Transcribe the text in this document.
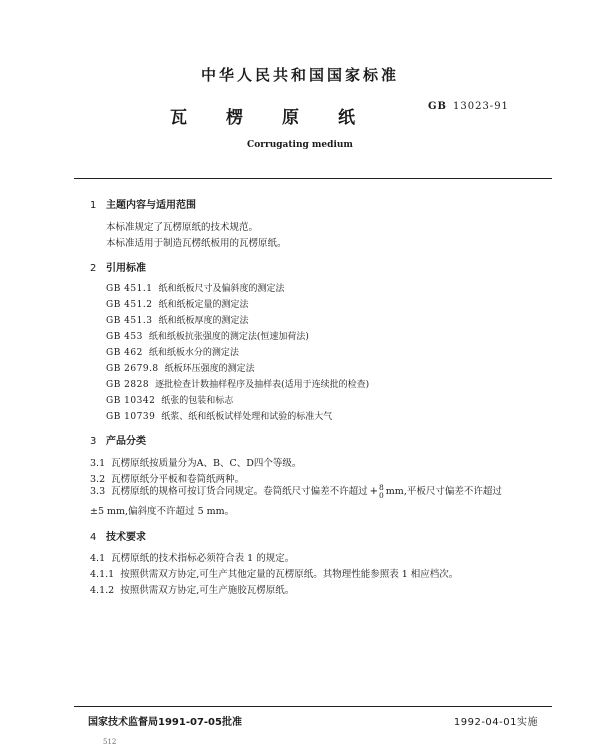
中华人民共和国国家标准
GB 13023-91
瓦 楞 原 纸
Corrugating medium
1 主题内容与适用范围
本标准规定了瓦楞原纸的技术规范。
本标准适用于制造瓦楞纸板用的瓦楞原纸。
2 引用标准
GB 451.1 纸和纸板尺寸及偏斜度的测定法
GB 451.2 纸和纸板定量的测定法
GB 451.3 纸和纸板厚度的测定法
GB 453 纸和纸板抗张强度的测定法(恒速加荷法)
GB 462 纸和纸板水分的测定法
GB 2679.8 纸板环压强度的测定法
GB 2828 逐批检查计数抽样程序及抽样表(适用于连续批的检查)
GB 10342 纸张的包装和标志
GB 10739 纸浆、纸和纸板试样处理和试验的标准大气
3 产品分类
3.1 瓦楞原纸按质量分为A、B、C、D四个等级。
3.2 瓦楞原纸分平板和卷筒纸两种。
3.3 瓦楞原纸的规格可按订货合同规定。卷筒纸尺寸偏差不许超过 + 8
0 mm,平板尺寸偏差不许超过
±5 mm,偏斜度不许超过 5 mm。
4 技术要求
4.1 瓦楞原纸的技术指标必须符合表 1 的规定。
4.1.1 按照供需双方协定,可生产其他定量的瓦楞原纸。其物理性能参照表 1 相应档次。
4.1.2 按照供需双方协定,可生产施胶瓦楞原纸。
国家技术监督局1991-07-05批准	1992-04-01实施
512
